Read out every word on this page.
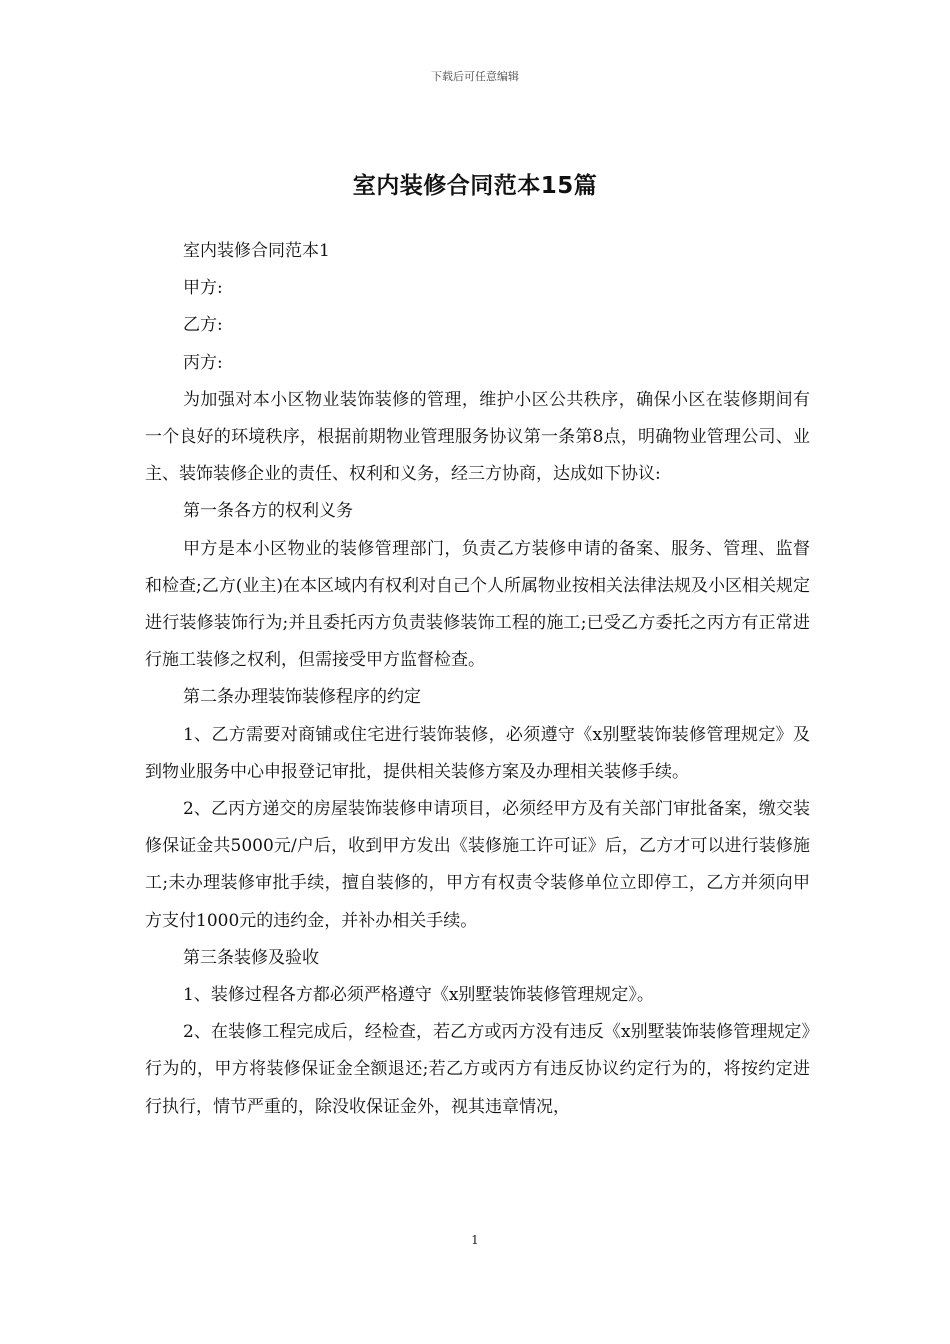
下载后可任意编辑
室内装修合同范本15篇

室内装修合同范本1

甲方:

乙方:

丙方:

为加强对本小区物业装饰装修的管理，维护小区公共秩序，确保小区在装修期间有一个良好的环境秩序，根据前期物业管理服务协议第一条第8点，明确物业管理公司、业主、装饰装修企业的责任、权利和义务，经三方协商，达成如下协议:

第一条各方的权利义务

甲方是本小区物业的装修管理部门，负责乙方装修申请的备案、服务、管理、监督和检查;乙方(业主)在本区域内有权利对自己个人所属物业按相关法律法规及小区相关规定进行装修装饰行为;并且委托丙方负责装修装饰工程的施工;已受乙方委托之丙方有正常进行施工装修之权利，但需接受甲方监督检查。

第二条办理装饰装修程序的约定

1、乙方需要对商铺或住宅进行装饰装修，必须遵守《x别墅装饰装修管理规定》及到物业服务中心申报登记审批，提供相关装修方案及办理相关装修手续。

2、乙丙方递交的房屋装饰装修申请项目，必须经甲方及有关部门审批备案，缴交装修保证金共5000元/户后，收到甲方发出《装修施工许可证》后，乙方才可以进行装修施工;未办理装修审批手续，擅自装修的，甲方有权责令装修单位立即停工，乙方并须向甲方支付1000元的违约金，并补办相关手续。

第三条装修及验收

1、装修过程各方都必须严格遵守《x别墅装饰装修管理规定》。

2、在装修工程完成后，经检查，若乙方或丙方没有违反《x别墅装饰装修管理规定》行为的，甲方将装修保证金全额退还;若乙方或丙方有违反协议约定行为的，将按约定进行执行，情节严重的，除没收保证金外，视其违章情况，

1
